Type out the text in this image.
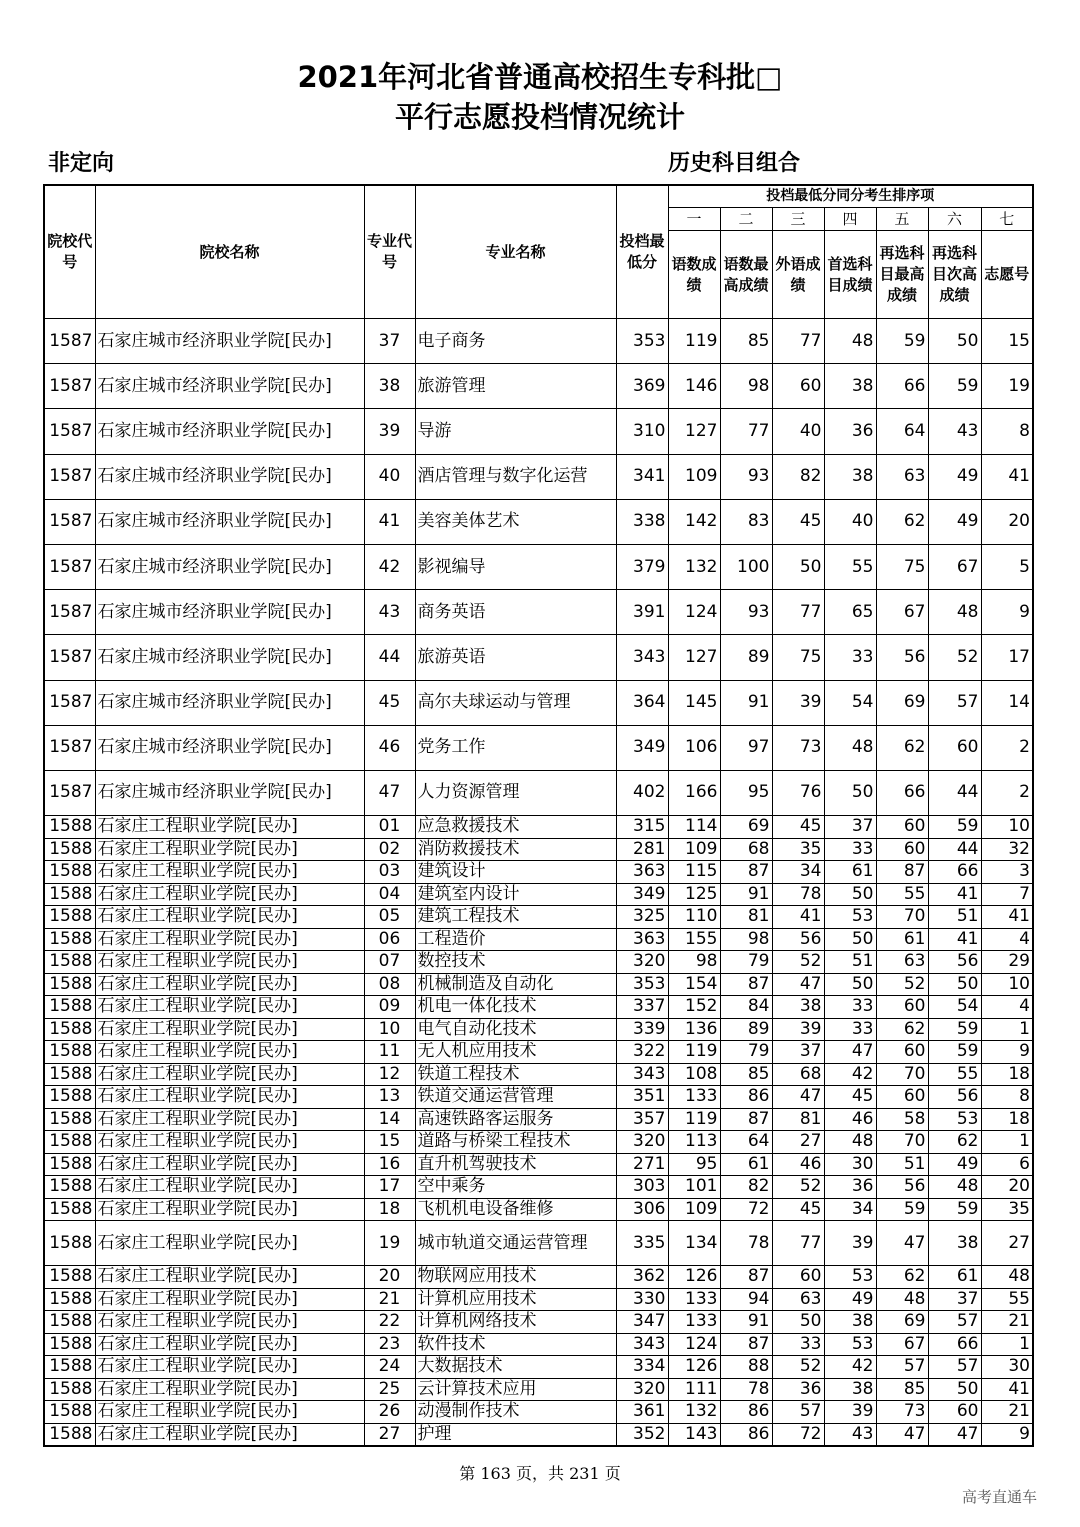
2021年河北省普通高校招生专科批□
平行志愿投档情况统计
非定向	历史科目组合
院校代号	院校名称	专业代号	专业名称	投档最低分	投档最低分同分考生排序项						
					一	二	三	四	五	六	七
					语数成绩	语数最高成绩	外语成绩	首选科目成绩	再选科目最高成绩	再选科目次高成绩	志愿号
1587	石家庄城市经济职业学院[民办]	37	电子商务	353	119	85	77	48	59	50	15
1587	石家庄城市经济职业学院[民办]	38	旅游管理	369	146	98	60	38	66	59	19
1587	石家庄城市经济职业学院[民办]	39	导游	310	127	77	40	36	64	43	8
1587	石家庄城市经济职业学院[民办]	40	酒店管理与数字化运营	341	109	93	82	38	63	49	41
1587	石家庄城市经济职业学院[民办]	41	美容美体艺术	338	142	83	45	40	62	49	20
1587	石家庄城市经济职业学院[民办]	42	影视编导	379	132	100	50	55	75	67	5
1587	石家庄城市经济职业学院[民办]	43	商务英语	391	124	93	77	65	67	48	9
1587	石家庄城市经济职业学院[民办]	44	旅游英语	343	127	89	75	33	56	52	17
1587	石家庄城市经济职业学院[民办]	45	高尔夫球运动与管理	364	145	91	39	54	69	57	14
1587	石家庄城市经济职业学院[民办]	46	党务工作	349	106	97	73	48	62	60	2
1587	石家庄城市经济职业学院[民办]	47	人力资源管理	402	166	95	76	50	66	44	2
1588	石家庄工程职业学院[民办]	01	应急救援技术	315	114	69	45	37	60	59	10
1588	石家庄工程职业学院[民办]	02	消防救援技术	281	109	68	35	33	60	44	32
1588	石家庄工程职业学院[民办]	03	建筑设计	363	115	87	34	61	87	66	3
1588	石家庄工程职业学院[民办]	04	建筑室内设计	349	125	91	78	50	55	41	7
1588	石家庄工程职业学院[民办]	05	建筑工程技术	325	110	81	41	53	70	51	41
1588	石家庄工程职业学院[民办]	06	工程造价	363	155	98	56	50	61	41	4
1588	石家庄工程职业学院[民办]	07	数控技术	320	98	79	52	51	63	56	29
1588	石家庄工程职业学院[民办]	08	机械制造及自动化	353	154	87	47	50	52	50	10
1588	石家庄工程职业学院[民办]	09	机电一体化技术	337	152	84	38	33	60	54	4
1588	石家庄工程职业学院[民办]	10	电气自动化技术	339	136	89	39	33	62	59	1
1588	石家庄工程职业学院[民办]	11	无人机应用技术	322	119	79	37	47	60	59	9
1588	石家庄工程职业学院[民办]	12	铁道工程技术	343	108	85	68	42	70	55	18
1588	石家庄工程职业学院[民办]	13	铁道交通运营管理	351	133	86	47	45	60	56	8
1588	石家庄工程职业学院[民办]	14	高速铁路客运服务	357	119	87	81	46	58	53	18
1588	石家庄工程职业学院[民办]	15	道路与桥梁工程技术	320	113	64	27	48	70	62	1
1588	石家庄工程职业学院[民办]	16	直升机驾驶技术	271	95	61	46	30	51	49	6
1588	石家庄工程职业学院[民办]	17	空中乘务	303	101	82	52	36	56	48	20
1588	石家庄工程职业学院[民办]	18	飞机机电设备维修	306	109	72	45	34	59	59	35
1588	石家庄工程职业学院[民办]	19	城市轨道交通运营管理	335	134	78	77	39	47	38	27
1588	石家庄工程职业学院[民办]	20	物联网应用技术	362	126	87	60	53	62	61	48
1588	石家庄工程职业学院[民办]	21	计算机应用技术	330	133	94	63	49	48	37	55
1588	石家庄工程职业学院[民办]	22	计算机网络技术	347	133	91	50	38	69	57	21
1588	石家庄工程职业学院[民办]	23	软件技术	343	124	87	33	53	67	66	1
1588	石家庄工程职业学院[民办]	24	大数据技术	334	126	88	52	42	57	57	30
1588	石家庄工程职业学院[民办]	25	云计算技术应用	320	111	78	36	38	85	50	41
1588	石家庄工程职业学院[民办]	26	动漫制作技术	361	132	86	57	39	73	60	21
1588	石家庄工程职业学院[民办]	27	护理	352	143	86	72	43	47	47	9
第 163 页，共 231 页
高考直通车
